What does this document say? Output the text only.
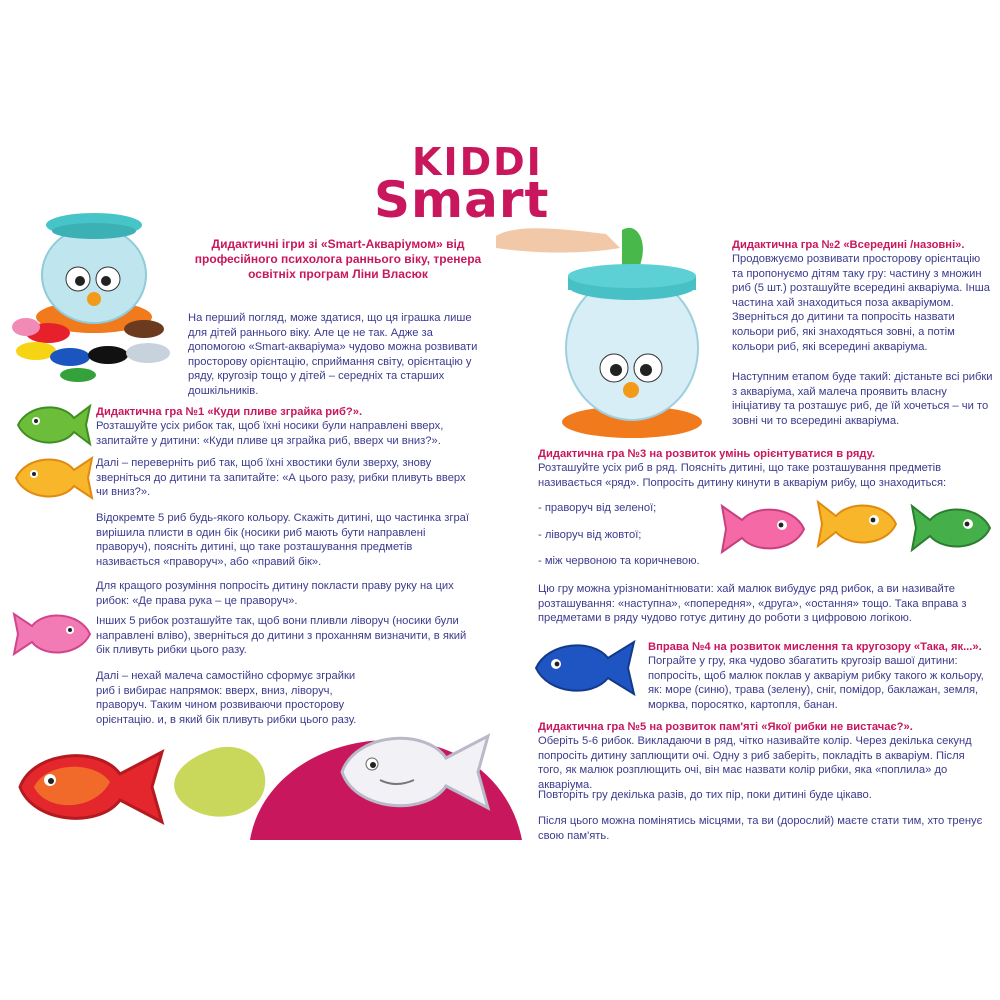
KIDDI
Smart
Дидактичні ігри зі «Smart-Акваріумом» від професійного психолога раннього віку, тренера освітніх програм Ліни Власюк
На перший погляд, може здатися, що ця іграшка лише для дітей раннього віку. Але це не так. Адже за допомогою «Smart-акваріума» чудово можна розвивати просторову орієнтацію, сприймання світу, орієнтацію у ряду, кругозір тощо у дітей – середніх та старших дошкільників.
Дидактична гра №1 «Куди пливе зграйка риб?».
Розташуйте усіх рибок так, щоб їхні носики були направлені вверх, запитайте у дитини: «Куди пливе ця зграйка риб, вверх чи вниз?».
Далі – переверніть риб так, щоб їхні хвостики були зверху, знову зверніться до дитини та запитайте: «А цього разу, рибки пливуть вверх чи вниз?».
Відокремте 5 риб будь-якого кольору. Скажіть дитині, що частинка зграї вирішила плисти в один бік (носики риб мають бути направлені праворуч), поясніть дитині, що таке розташування предметів називається «праворуч», або «правий бік».
Для кращого розуміння попросіть дитину покласти праву руку на цих рибок: «Де права рука – це праворуч».
Інших 5 рибок розташуйте так, щоб вони пливли ліворуч (носики були направлені вліво), зверніться до дитини з проханням визначити, в який бік пливуть рибки цього разу.
Далі – нехай малеча самостійно сформує зграйки риб і вибирає напрямок: вверх, вниз, ліворуч, праворуч. Таким чином розвиваючи просторову орієнтацію. и, в який бік пливуть рибки цього разу.
Дидактична гра №2 «Всередині /назовні».
Продовжуємо розвивати просторову орієнтацію та пропонуємо дітям таку гру: частину з множин риб (5 шт.) розташуйте всередині акваріума. Інша частина хай знаходиться поза акваріумом. Зверніться до дитини та попросіть назвати кольори риб, які знаходяться зовні, а потім кольори риб, які всередині акваріума.
Наступним етапом буде такий: дістаньте всі рибки з акваріума, хай малеча проявить власну ініціативу та розташує риб, де їй хочеться – чи то зовні чи то всередині акваріума.
Дидактична гра №3 на розвиток умінь орієнтуватися в ряду.
Розташуйте усіх риб в ряд. Поясніть дитині, що таке розташування предметів називається «ряд». Попросіть дитину кинути в акваріум рибу, що знаходиться:
- праворуч від зеленої;
- ліворуч від жовтої;
- між червоною та коричневою.
Цю гру можна урізноманітнювати: хай малюк вибудує ряд рибок, а ви називайте розташування: «наступна», «попередня», «друга», «остання» тощо. Така вправа з предметами в ряду чудово готує дитину до роботи з цифровою логікою.
Вправа №4 на розвиток мислення та кругозору «Така, як...».
Пограйте у гру, яка чудово збагатить кругозір вашої дитини: попросіть, щоб малюк поклав у акваріум рибку такого ж кольору, як: море (синю), трава (зелену), сніг, помідор, баклажан, земля, морква, поросятко, картопля, банан.
Дидактична гра №5 на розвиток пам'яті «Якої рибки не вистачає?».
Оберіть 5-6 рибок. Викладаючи в ряд, чітко називайте колір. Через декілька секунд попросіть дитину заплющити очі. Одну з риб заберіть, покладіть в акваріум. Після того, як малюк розплющить очі, він має назвати колір рибки, яка «поплила» до акваріума.
Повторіть гру декілька разів, до тих пір, поки дитині буде цікаво.
Після цього можна помінятись місцями, та ви (дорослий) маєте стати тим, хто тренує свою пам'ять.
